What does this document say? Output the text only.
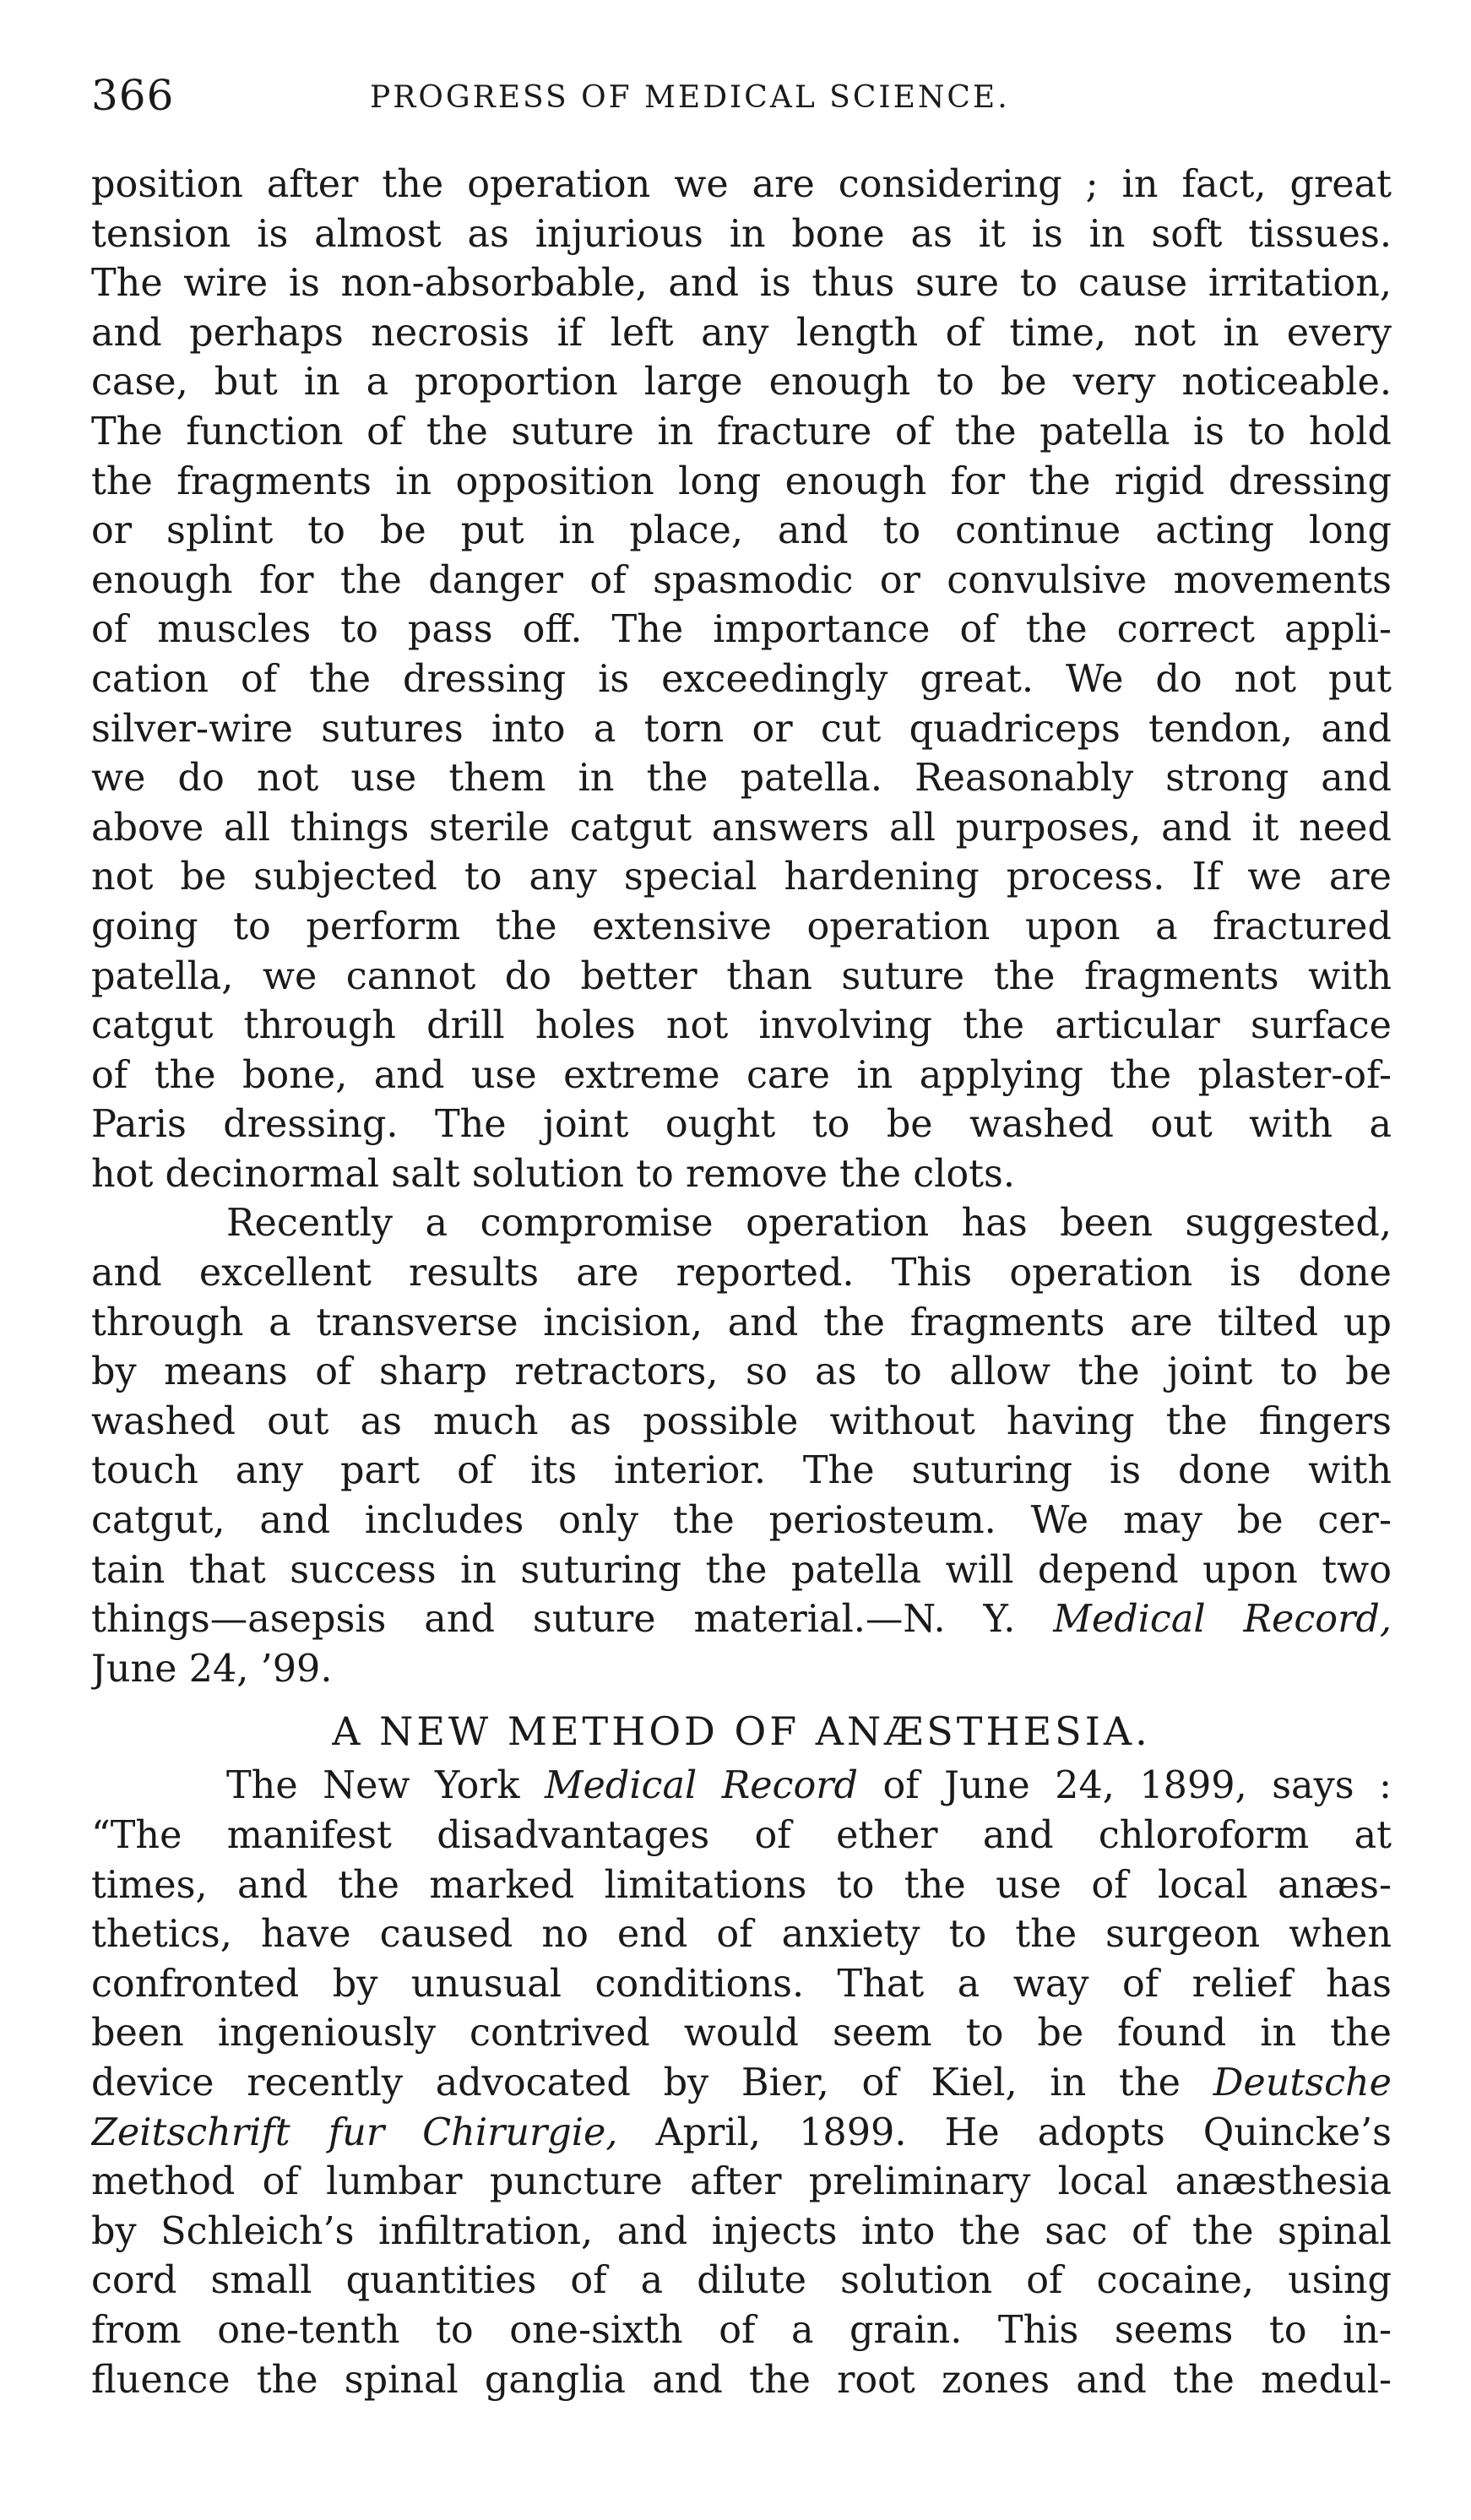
366	PROGRESS OF MEDICAL SCIENCE.
position after the operation we are considering ; in fact, great
tension is almost as injurious in bone as it is in soft tissues.
The wire is non-absorbable, and is thus sure to cause irritation,
and perhaps necrosis if left any length of time, not in every
case, but in a proportion large enough to be very noticeable.
The function of the suture in fracture of the patella is to hold
the fragments in opposition long enough for the rigid dressing
or splint to be put in place, and to continue acting long
enough for the danger of spasmodic or convulsive movements
of muscles to pass off. The importance of the correct appli-
cation of the dressing is exceedingly great. We do not put
silver-wire sutures into a torn or cut quadriceps tendon, and
we do not use them in the patella. Reasonably strong and
above all things sterile catgut answers all purposes, and it need
not be subjected to any special hardening process. If we are
going to perform the extensive operation upon a fractured
patella, we cannot do better than suture the fragments with
catgut through drill holes not involving the articular surface
of the bone, and use extreme care in applying the plaster-of-
Paris dressing. The joint ought to be washed out with a
hot decinormal salt solution to remove the clots.
Recently a compromise operation has been suggested,
and excellent results are reported. This operation is done
through a transverse incision, and the fragments are tilted up
by means of sharp retractors, so as to allow the joint to be
washed out as much as possible without having the fingers
touch any part of its interior. The suturing is done with
catgut, and includes only the periosteum. We may be cer-
tain that success in suturing the patella will depend upon two
things—asepsis and suture material.—N. Y. Medical Record,
June 24, ’99.
A NEW METHOD OF ANÆSTHESIA.
The New York Medical Record of June 24, 1899, says :
“The manifest disadvantages of ether and chloroform at
times, and the marked limitations to the use of local anæs-
thetics, have caused no end of anxiety to the surgeon when
confronted by unusual conditions. That a way of relief has
been ingeniously contrived would seem to be found in the
device recently advocated by Bier, of Kiel, in the Deutsche
Zeitschrift fur Chirurgie, April, 1899. He adopts Quincke’s
method of lumbar puncture after preliminary local anæsthesia
by Schleich’s infiltration, and injects into the sac of the spinal
cord small quantities of a dilute solution of cocaine, using
from one-tenth to one-sixth of a grain. This seems to in-
fluence the spinal ganglia and the root zones and the medul-
